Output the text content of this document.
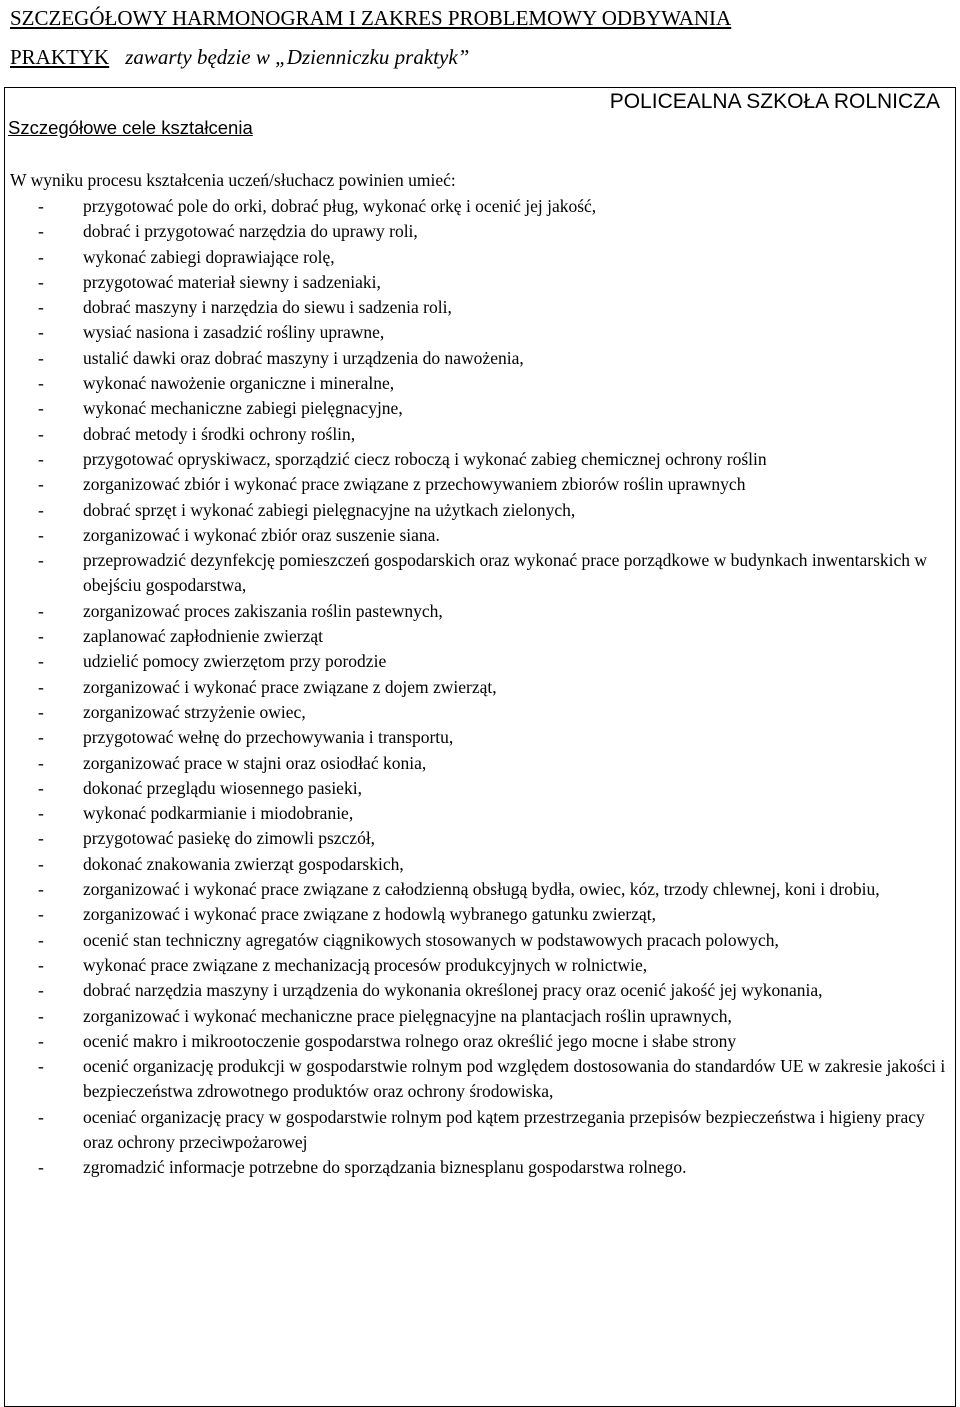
SZCZEGÓŁOWY HARMONOGRAM I ZAKRES PROBLEMOWY ODBYWANIA
PRAKTYK zawarty będzie w „Dzienniczku praktyk”
POLICEALNA SZKOŁA ROLNICZA
Szczegółowe cele kształcenia
W wyniku procesu kształcenia uczeń/słuchacz powinien umieć:
-	przygotować pole do orki, dobrać pług, wykonać orkę i ocenić jej jakość,
-	dobrać i przygotować narzędzia do uprawy roli,
-	wykonać zabiegi doprawiające rolę,
-	przygotować materiał siewny i sadzeniaki,
-	dobrać maszyny i narzędzia do siewu i sadzenia roli,
-	wysiać nasiona i zasadzić rośliny uprawne,
-	ustalić dawki oraz dobrać maszyny i urządzenia do nawożenia,
-	wykonać nawożenie organiczne i mineralne,
-	wykonać mechaniczne zabiegi pielęgnacyjne,
-	dobrać metody i środki ochrony roślin,
-	przygotować opryskiwacz, sporządzić ciecz roboczą i wykonać zabieg chemicznej ochrony roślin
-	zorganizować zbiór i wykonać prace związane z przechowywaniem zbiorów roślin uprawnych
-	dobrać sprzęt i wykonać zabiegi pielęgnacyjne na użytkach zielonych,
-	zorganizować i wykonać zbiór oraz suszenie siana.
-	przeprowadzić dezynfekcję pomieszczeń gospodarskich oraz wykonać prace porządkowe w budynkach inwentarskich w obejściu gospodarstwa,
-	zorganizować proces zakiszania roślin pastewnych,
-	zaplanować zapłodnienie zwierząt
-	udzielić pomocy zwierzętom przy porodzie
-	zorganizować i wykonać prace związane z dojem zwierząt,
-	zorganizować strzyżenie owiec,
-	przygotować wełnę do przechowywania i transportu,
-	zorganizować prace w stajni oraz osiodłać konia,
-	dokonać przeglądu wiosennego pasieki,
-	wykonać podkarmianie i miodobranie,
-	przygotować pasiekę do zimowli pszczół,
-	dokonać znakowania zwierząt gospodarskich,
-	zorganizować i wykonać prace związane z całodzienną obsługą bydła, owiec, kóz, trzody chlewnej, koni i drobiu,
-	zorganizować i wykonać prace związane z hodowlą wybranego gatunku zwierząt,
-	ocenić stan techniczny agregatów ciągnikowych stosowanych w podstawowych pracach polowych,
-	wykonać prace związane z mechanizacją procesów produkcyjnych w rolnictwie,
-	dobrać narzędzia maszyny i urządzenia do wykonania określonej pracy oraz ocenić jakość jej wykonania,
-	zorganizować i wykonać mechaniczne prace pielęgnacyjne na plantacjach roślin uprawnych,
-	ocenić makro i mikrootoczenie gospodarstwa rolnego oraz określić jego mocne i słabe strony
-	ocenić organizację produkcji w gospodarstwie rolnym pod względem dostosowania do standardów UE w zakresie jakości i bezpieczeństwa zdrowotnego produktów oraz ochrony środowiska,
-	oceniać organizację pracy w gospodarstwie rolnym pod kątem przestrzegania przepisów bezpieczeństwa i higieny pracy oraz ochrony przeciwpożarowej
-	zgromadzić informacje potrzebne do sporządzania biznesplanu gospodarstwa rolnego.
